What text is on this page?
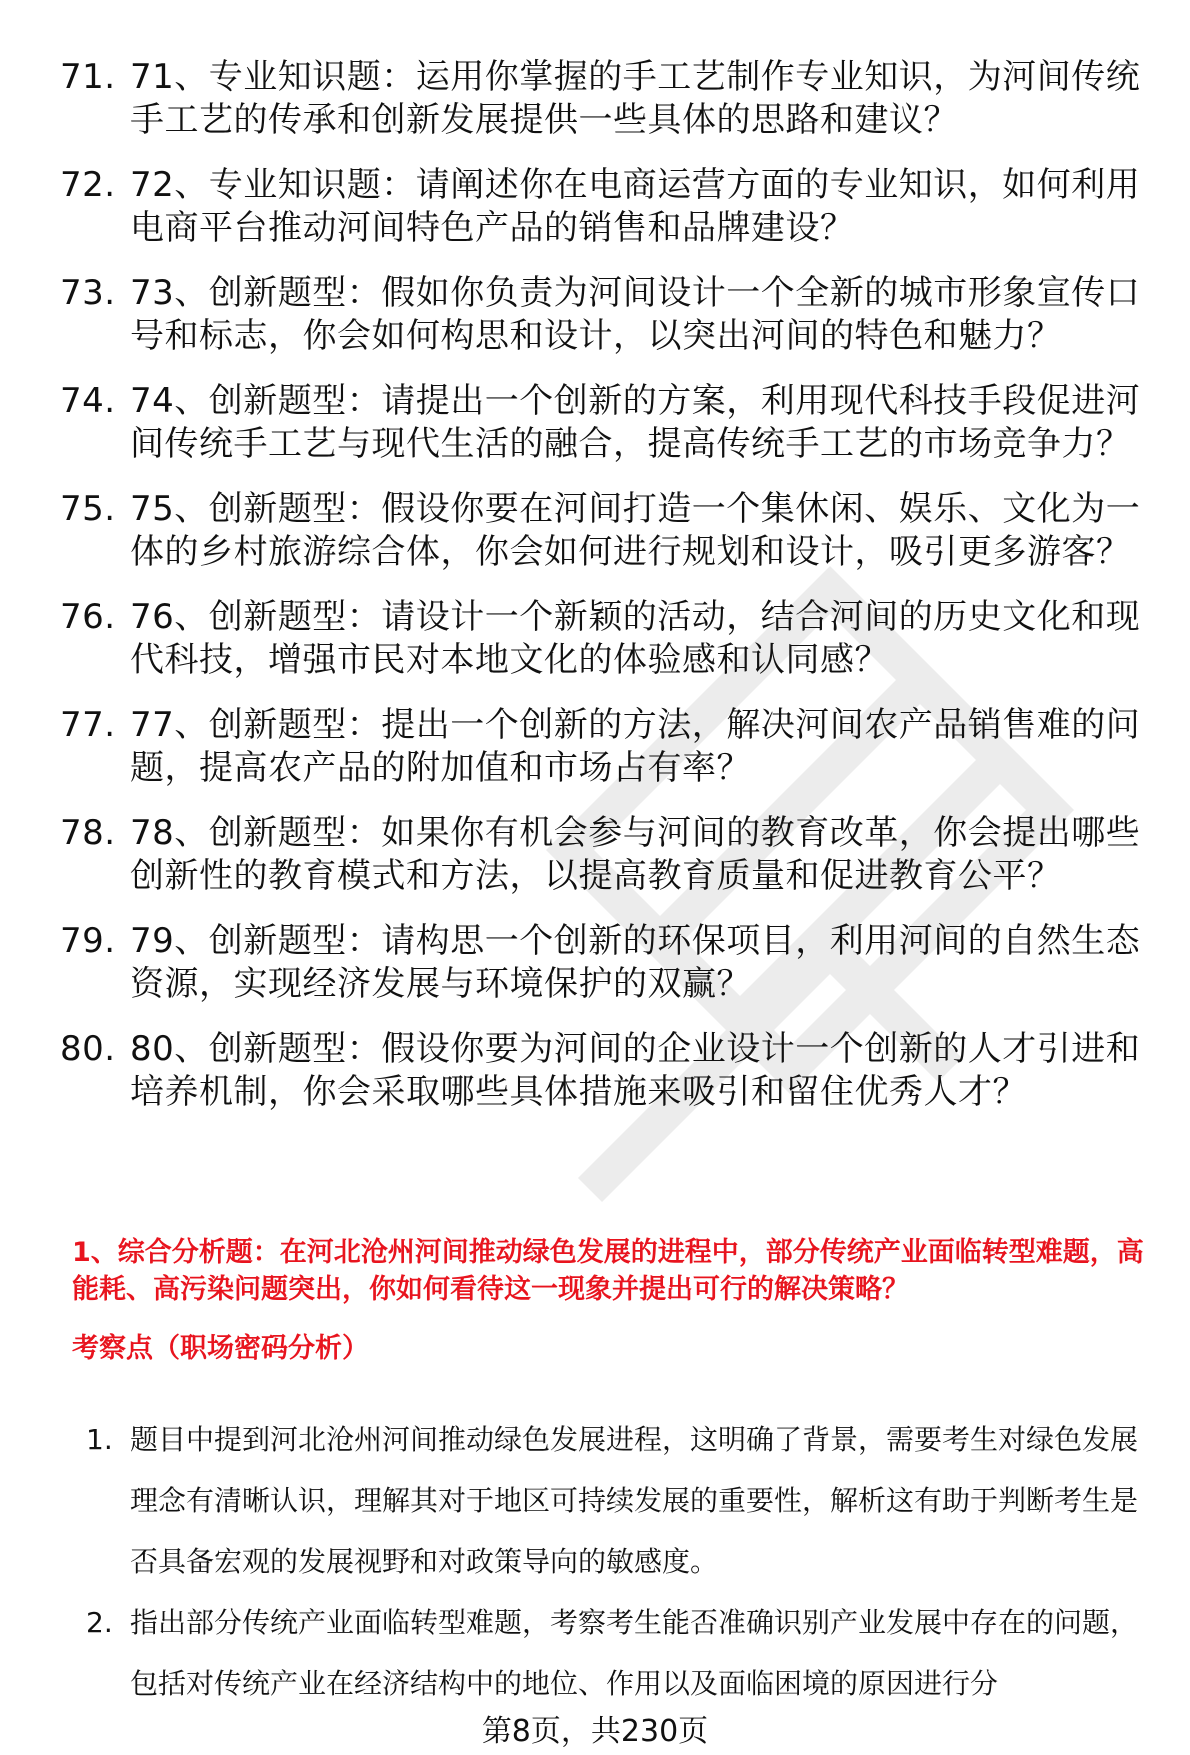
71. 71、专业知识题：运用你掌握的手工艺制作专业知识，为河间传统手工艺的传承和创新发展提供一些具体的思路和建议？
72. 72、专业知识题：请阐述你在电商运营方面的专业知识，如何利用电商平台推动河间特色产品的销售和品牌建设？
73. 73、创新题型：假如你负责为河间设计一个全新的城市形象宣传口号和标志，你会如何构思和设计，以突出河间的特色和魅力？
74. 74、创新题型：请提出一个创新的方案，利用现代科技手段促进河间传统手工艺与现代生活的融合，提高传统手工艺的市场竞争力？
75. 75、创新题型：假设你要在河间打造一个集休闲、娱乐、文化为一体的乡村旅游综合体，你会如何进行规划和设计，吸引更多游客？
76. 76、创新题型：请设计一个新颖的活动，结合河间的历史文化和现代科技，增强市民对本地文化的体验感和认同感？
77. 77、创新题型：提出一个创新的方法，解决河间农产品销售难的问题，提高农产品的附加值和市场占有率？
78. 78、创新题型：如果你有机会参与河间的教育改革，你会提出哪些创新性的教育模式和方法，以提高教育质量和促进教育公平？
79. 79、创新题型：请构思一个创新的环保项目，利用河间的自然生态资源，实现经济发展与环境保护的双赢？
80. 80、创新题型：假设你要为河间的企业设计一个创新的人才引进和培养机制，你会采取哪些具体措施来吸引和留住优秀人才？

1、综合分析题：在河北沧州河间推动绿色发展的进程中，部分传统产业面临转型难题，高能耗、高污染问题突出，你如何看待这一现象并提出可行的解决策略？

考察点（职场密码分析）

1. 题目中提到河北沧州河间推动绿色发展进程，这明确了背景，需要考生对绿色发展理念有清晰认识，理解其对于地区可持续发展的重要性，解析这有助于判断考生是否具备宏观的发展视野和对政策导向的敏感度。
2. 指出部分传统产业面临转型难题，考察考生能否准确识别产业发展中存在的问题，包括对传统产业在经济结构中的地位、作用以及面临困境的原因进行分
第8页，共230页
